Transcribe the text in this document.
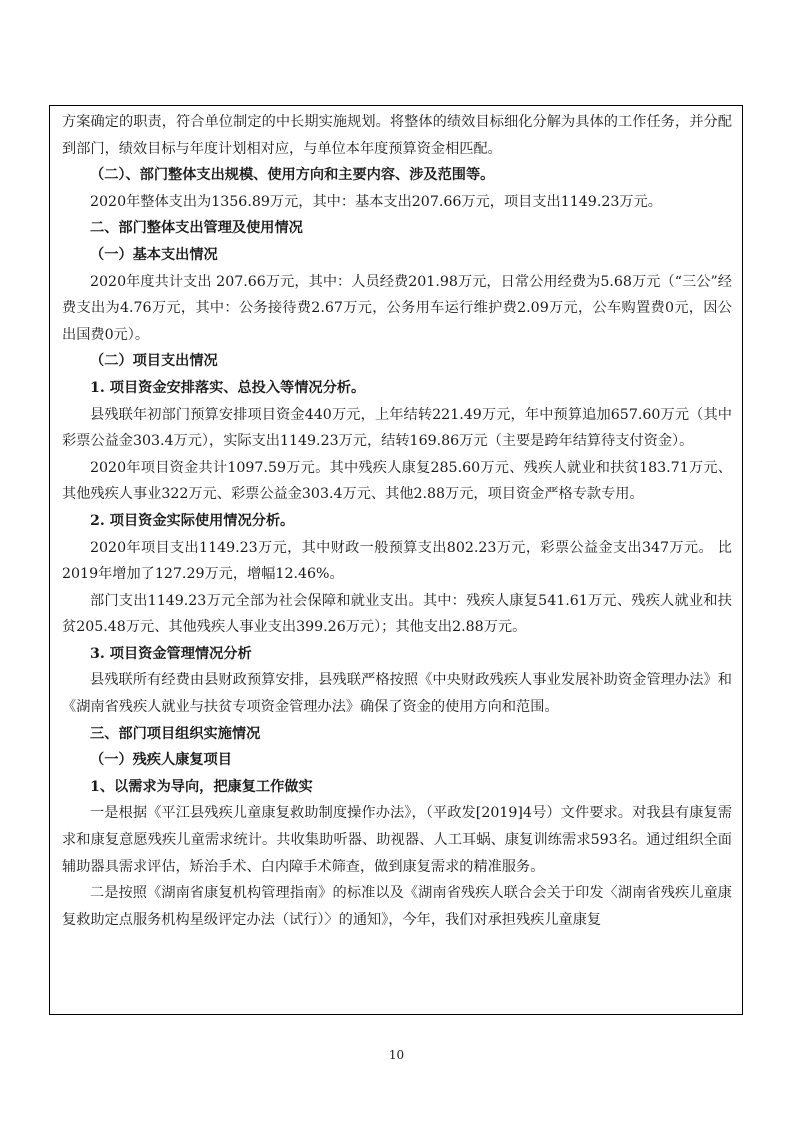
方案确定的职责，符合单位制定的中长期实施规划。将整体的绩效目标细化分解为具体的工作任务，并分配到部门，绩效目标与年度计划相对应，与单位本年度预算资金相匹配。

（二）、部门整体支出规模、使用方向和主要内容、涉及范围等。

2020年整体支出为1356.89万元，其中：基本支出207.66万元，项目支出1149.23万元。

二、部门整体支出管理及使用情况

（一）基本支出情况

2020年度共计支出 207.66万元，其中：人员经费201.98万元，日常公用经费为5.68万元（“三公”经费支出为4.76万元，其中：公务接待费2.67万元，公务用车运行维护费2.09万元，公车购置费0元，因公出国费0元）。

（二）项目支出情况

1. 项目资金安排落实、总投入等情况分析。

县残联年初部门预算安排项目资金440万元，上年结转221.49万元，年中预算追加657.60万元（其中彩票公益金303.4万元），实际支出1149.23万元，结转169.86万元（主要是跨年结算待支付资金）。

2020年项目资金共计1097.59万元。其中残疾人康复285.60万元、残疾人就业和扶贫183.71万元、其他残疾人事业322万元、彩票公益金303.4万元、其他2.88万元，项目资金严格专款专用。

2. 项目资金实际使用情况分析。

2020年项目支出1149.23万元，其中财政一般预算支出802.23万元，彩票公益金支出347万元。 比2019年增加了127.29万元，增幅12.46%。

部门支出1149.23万元全部为社会保障和就业支出。其中：残疾人康复541.61万元、残疾人就业和扶贫205.48万元、其他残疾人事业支出399.26万元）；其他支出2.88万元。

3. 项目资金管理情况分析

县残联所有经费由县财政预算安排，县残联严格按照《中央财政残疾人事业发展补助资金管理办法》和《湖南省残疾人就业与扶贫专项资金管理办法》确保了资金的使用方向和范围。

三、部门项目组织实施情况

（一）残疾人康复项目

1、以需求为导向，把康复工作做实

一是根据《平江县残疾儿童康复救助制度操作办法》，（平政发[2019]4号）文件要求。对我县有康复需求和康复意愿残疾儿童需求统计。共收集助听器、助视器、人工耳蜗、康复训练需求593名。通过组织全面辅助器具需求评估，矫治手术、白内障手术筛查，做到康复需求的精准服务。

二是按照《湖南省康复机构管理指南》的标准以及《湖南省残疾人联合会关于印发〈湖南省残疾儿童康复救助定点服务机构星级评定办法（试行）〉的通知》，今年，我们对承担残疾儿童康复

10
